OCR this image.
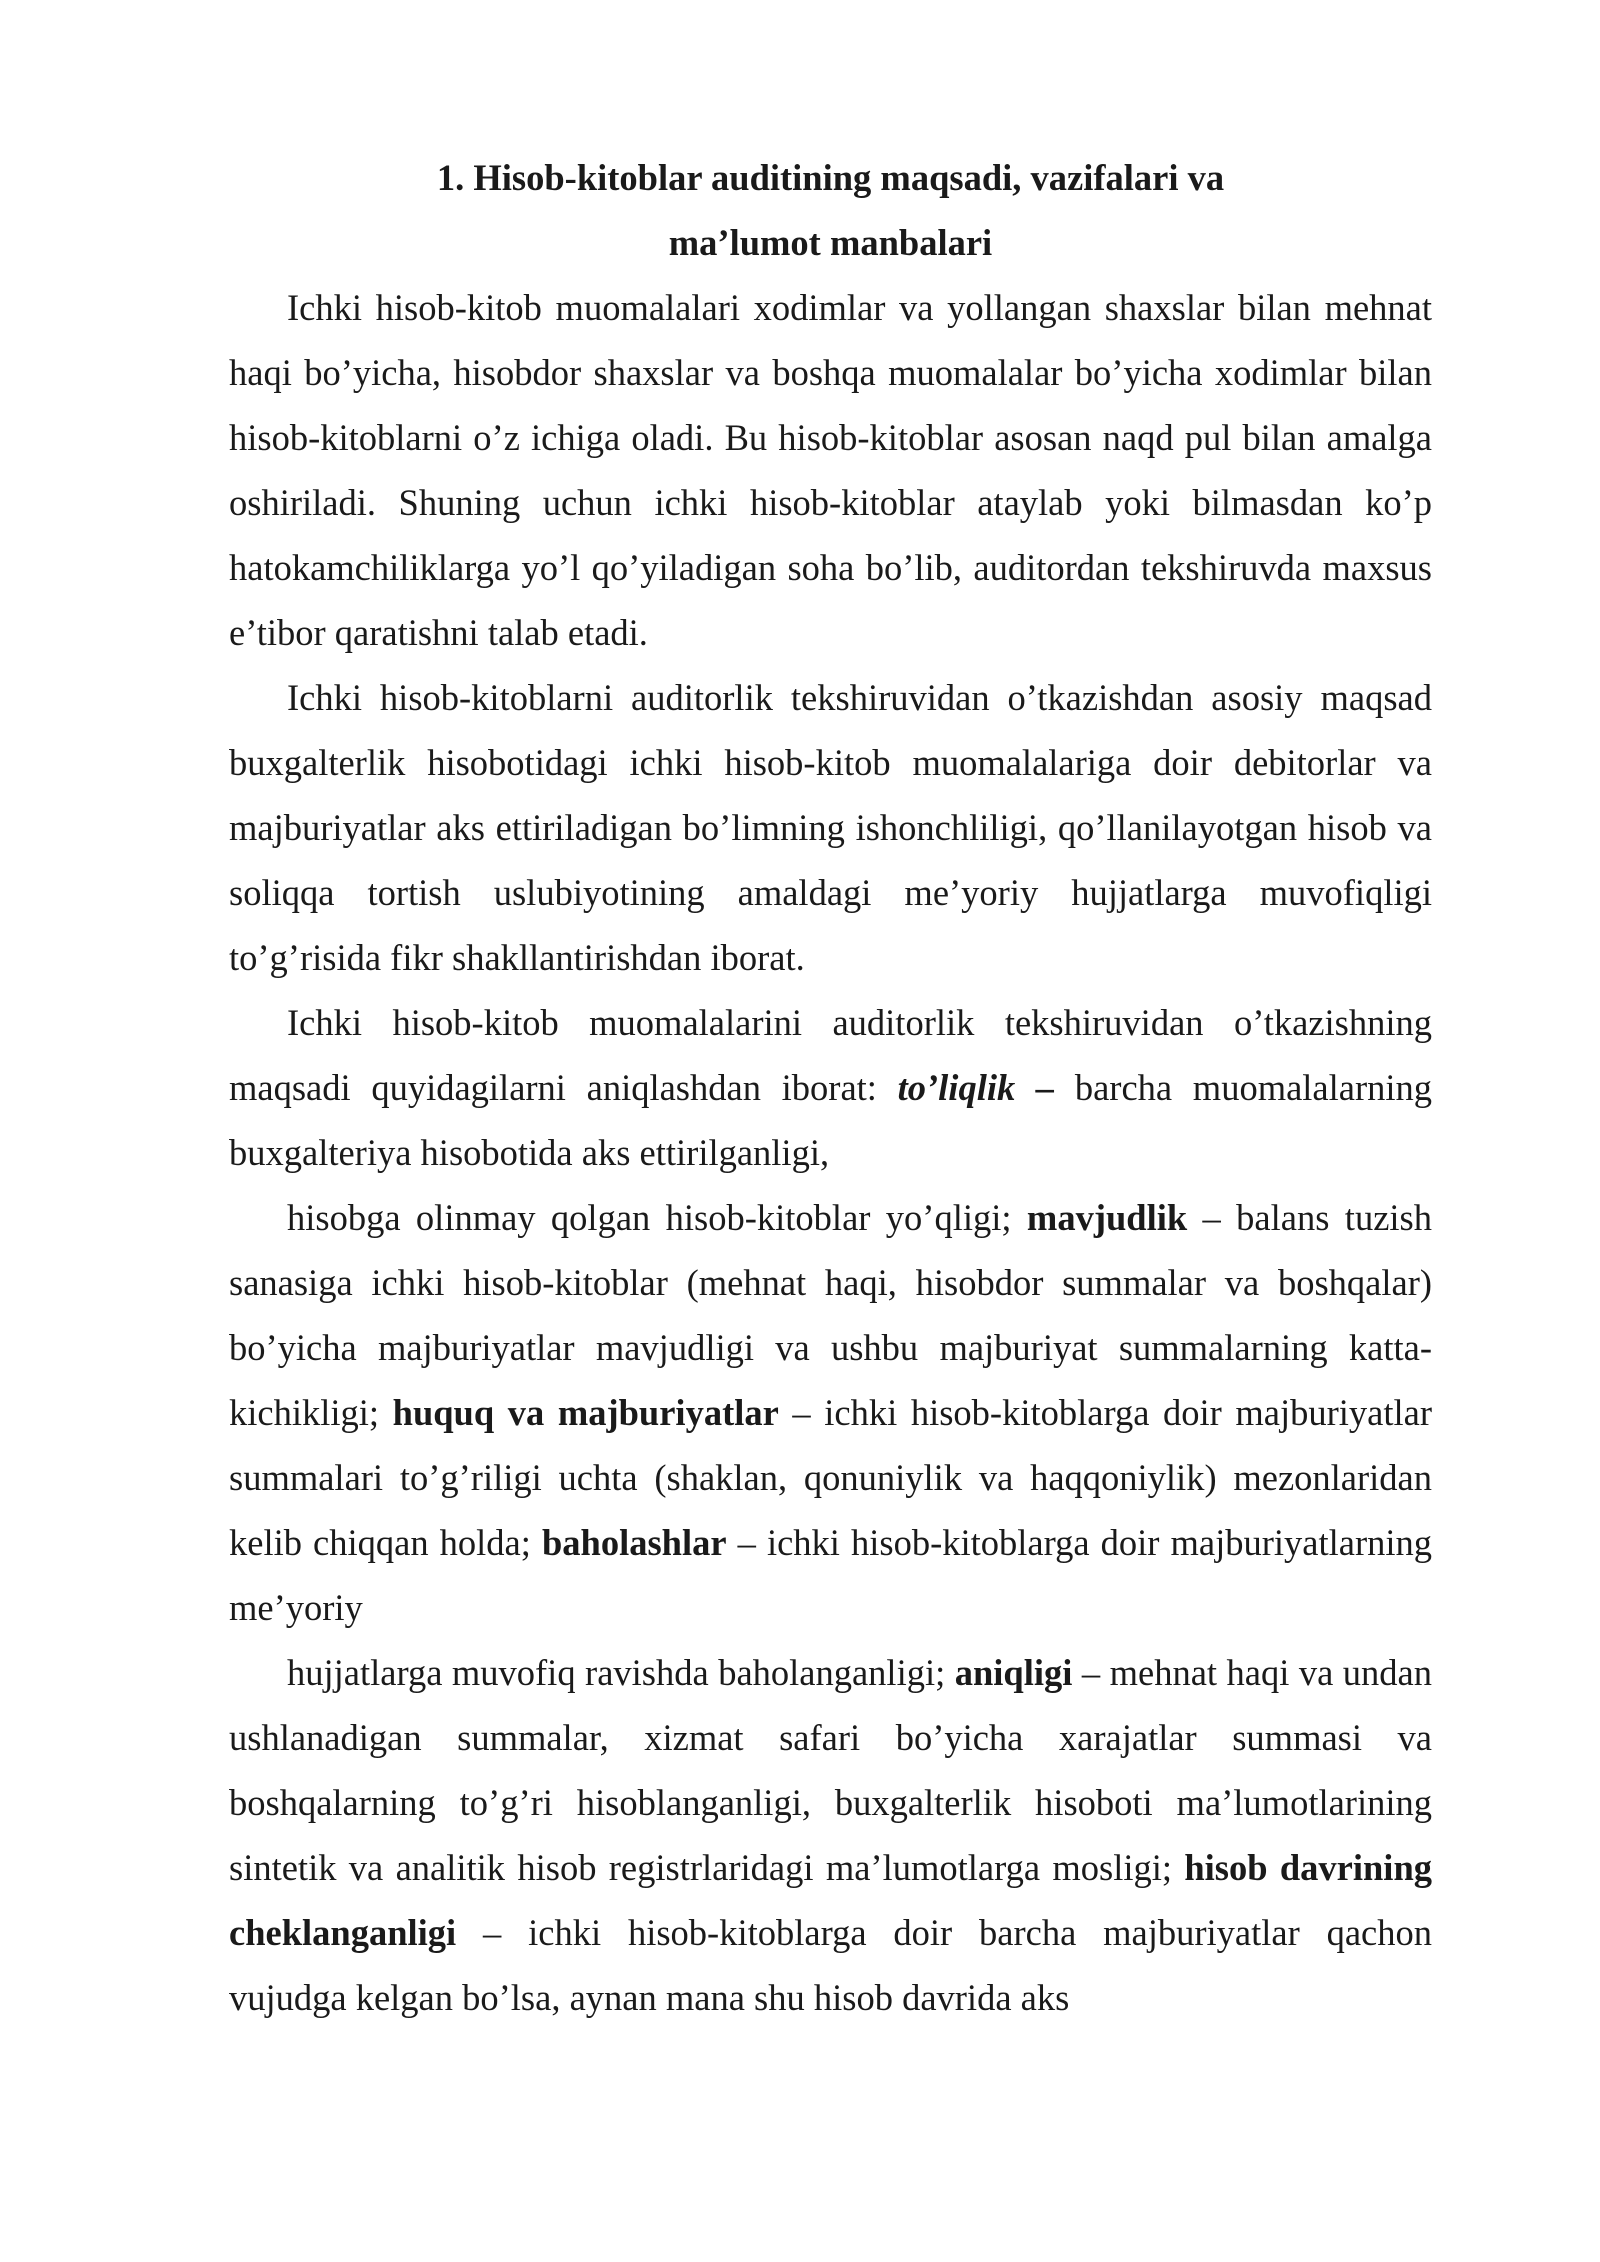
1. Hisob-kitoblar auditining maqsadi, vazifalari va ma’lumot manbalari

Ichki hisob-kitob muomalalari xodimlar va yollangan shaxslar bilan mehnat haqi bo’yicha, hisobdor shaxslar va boshqa muomalalar bo’yicha xodimlar bilan hisob-kitoblarni o’z ichiga oladi. Bu hisob-kitoblar asosan naqd pul bilan amalga oshiriladi. Shuning uchun ichki hisob-kitoblar ataylab yoki bilmasdan ko’p hatokamchiliklarga yo’l qo’yiladigan soha bo’lib, auditordan tekshiruvda maxsus e’tibor qaratishni talab etadi.

Ichki hisob-kitoblarni auditorlik tekshiruvidan o’tkazishdan asosiy maqsad buxgalterlik hisobotidagi ichki hisob-kitob muomalalariga doir debitorlar va majburiyatlar aks ettiriladigan bo’limning ishonchliligi, qo’llanilayotgan hisob va soliqqa tortish uslubiyotining amaldagi me’yoriy hujjatlarga muvofiqligi to’g’risida fikr shakllantirishdan iborat.

Ichki hisob-kitob muomalalarini auditorlik tekshiruvidan o’tkazishning maqsadi quyidagilarni aniqlashdan iborat: to’liqlik – barcha muomalalarning buxgalteriya hisobotida aks ettirilganligi,

hisobga olinmay qolgan hisob-kitoblar yo’qligi; mavjudlik – balans tuzish sanasiga ichki hisob-kitoblar (mehnat haqi, hisobdor summalar va boshqalar) bo’yicha majburiyatlar mavjudligi va ushbu majburiyat summalarning katta-kichikligi; huquq va majburiyatlar – ichki hisob-kitoblarga doir majburiyatlar summalari to’g’riligi uchta (shaklan, qonuniylik va haqqoniylik) mezonlaridan kelib chiqqan holda; baholashlar – ichki hisob-kitoblarga doir majburiyatlarning me’yoriy

hujjatlarga muvofiq ravishda baholanganligi; aniqligi – mehnat haqi va undan ushlanadigan summalar, xizmat safari bo’yicha xarajatlar summasi va boshqalarning to’g’ri hisoblanganligi, buxgalterlik hisoboti ma’lumotlarining sintetik va analitik hisob registrlaridagi ma’lumotlarga mosligi; hisob davrining cheklanganligi – ichki hisob-kitoblarga doir barcha majburiyatlar qachon vujudga kelgan bo’lsa, aynan mana shu hisob davrida aks
